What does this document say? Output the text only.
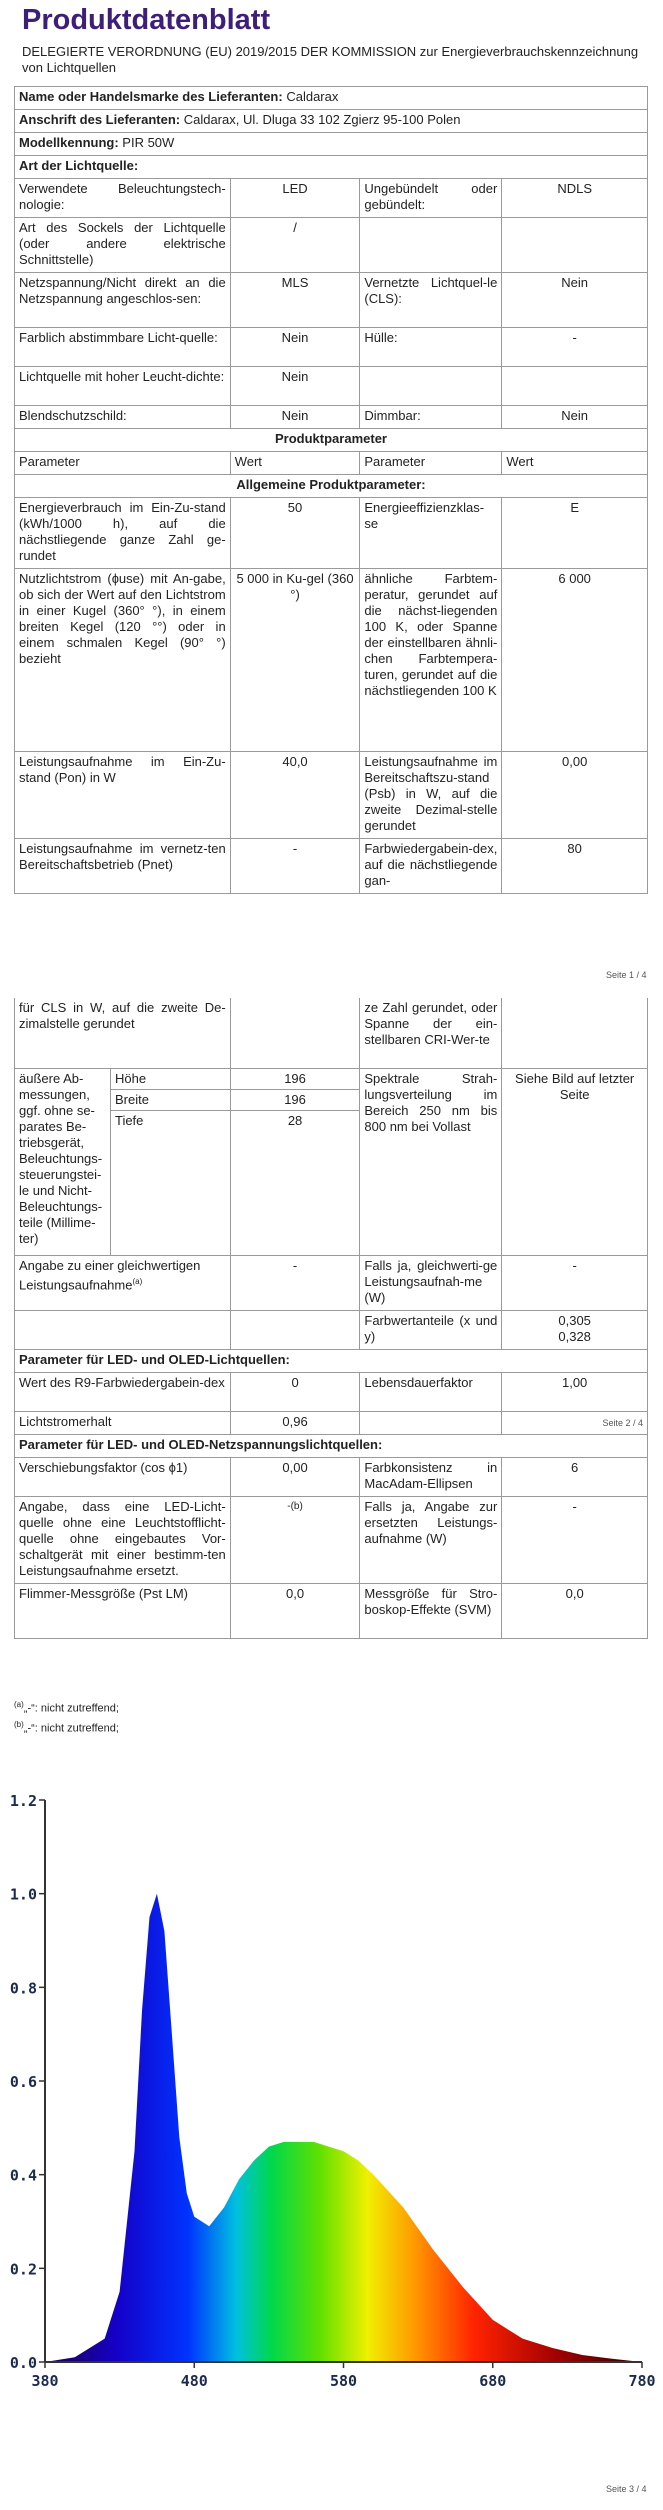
Produktdatenblatt
DELEGIERTE VERORDNUNG (EU) 2019/2015 DER KOMMISSION zur Energieverbrauchskennzeichnung von Lichtquellen
Name oder Handelsmarke des Lieferanten: Caldarax			
Anschrift des Lieferanten: Caldarax, Ul. Dluga 33 102 Zgierz 95-100 Polen			
Modellkennung: PIR 50W			
Art der Lichtquelle:			
Verwendete Beleuchtungstech-nologie:	LED	Ungebündelt oder gebündelt:	NDLS
Art des Sockels der Lichtquelle (oder andere elektrische Schnittstelle)	/		
Netzspannung/Nicht direkt an die Netzspannung angeschlos-sen:	MLS	Vernetzte Lichtquel-le (CLS):	Nein
Farblich abstimmbare Licht-quelle:	Nein	Hülle:	-
Lichtquelle mit hoher Leucht-dichte:	Nein		
Blendschutzschild:	Nein	Dimmbar:	Nein
Produktparameter			
Parameter	Wert	Parameter	Wert
Allgemeine Produktparameter:			
Energieverbrauch im Ein-Zu-stand (kWh/1000 h), auf die nächstliegende ganze Zahl ge-rundet	50	Energieeffizienzklas-se	E
Nutzlichtstrom (ɸuse) mit An-gabe, ob sich der Wert auf den Lichtstrom in einer Kugel (360° °), in einem breiten Kegel (120 °°) oder in einem schmalen Kegel (90° °) bezieht	5 000 in Ku-gel (360 °)	ähnliche Farbtem-peratur, gerundet auf die nächst-liegenden 100 K, oder Spanne der einstellbaren ähnli-chen Farbtempera-turen, gerundet auf die nächstliegenden 100 K	6 000
Leistungsaufnahme im Ein-Zu-stand (Pon) in W	40,0	Leistungsaufnahme im Bereitschaftszu-stand (Psb) in W, auf die zweite Dezimal-stelle gerundet	0,00
Leistungsaufnahme im vernetz-ten Bereitschaftsbetrieb (Pnet)	-	Farbwiedergabein-dex, auf die nächstliegende gan-	80
Seite 1 / 4
für CLS in W, auf die zweite De-zimalstelle gerundet			ze Zahl gerundet, oder Spanne der ein-stellbaren CRI-Wer-te	
äußere Ab-messungen, ggf. ohne se-parates Be-triebsgerät, Beleuchtungs-steuerungstei-le und Nicht-Beleuchtungs-teile (Millime-ter)	Höhe	196	Spektrale Strah-lungsverteilung im Bereich 250 nm bis 800 nm bei Vollast	Siehe Bild auf letzter Seite
	Breite	196		
	Tiefe	28		
Angabe zu einer gleichwertigen Leistungsaufnahme$^{(a)}$		-	Falls ja, gleichwerti-ge Leistungsaufnah-me (W)	-
			Farbwertanteile (x und y)	0,305
0,328

Parameter für LED- und OLED-Lichtquellen:				
Wert des R9-Farbwiedergabein-dex		0	Lebensdauerfaktor	1,00
Lichtstromerhalt		0,96		Seite 2 / 4
Parameter für LED- und OLED-Netzspannungslichtquellen:				
Verschiebungsfaktor (cos ϕ1)		0,00	Farbkonsistenz in MacAdam-Ellipsen	6
Angabe, dass eine LED-Licht-quelle ohne eine Leuchtstofflicht-quelle ohne eingebautes Vor-schaltgerät mit einer bestimm-ten Leistungsaufnahme ersetzt.		-(b)	Falls ja, Angabe zur ersetzten Leistungs-aufnahme (W)	-
Flimmer-Messgröße (Pst LM)		0,0	Messgröße für Stro-boskop-Effekte (SVM)	0,0
$^{(a)}$„-“: nicht zutreffend;
$^{(b)}$„-“: nicht zutreffend;
0.0
0.2
0.4
0.6
0.8
1.0
1.2
380	480	580	680	780
Seite 3 / 4
